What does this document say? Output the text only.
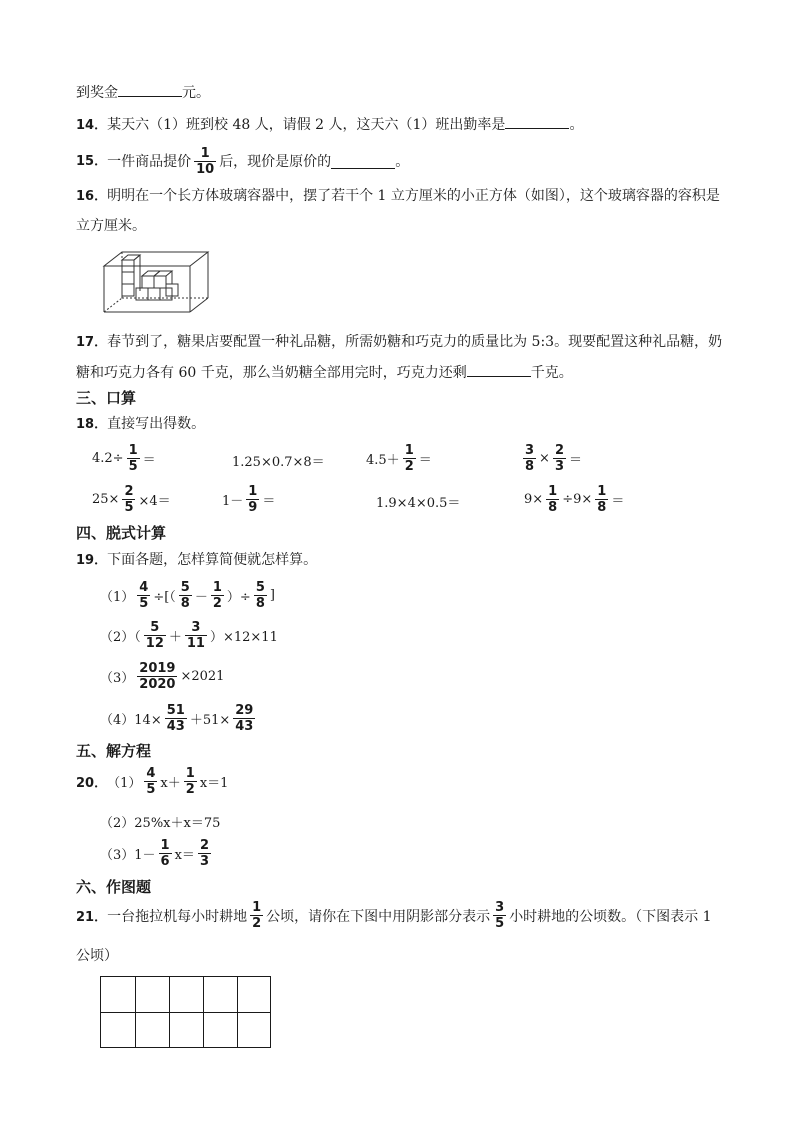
到奖金	元。
14．某天六（1）班到校 48 人，请假 2 人，这天六（1）班出勤率是	。
15． 一件商品提价 $\frac{1}{10}$ 后，现价是原价的	。
16．明明在一个长方体玻璃容器中，摆了若干个 1 立方厘米的小正方体（如图），这个玻璃容器的容积是
立方厘米。
17．春节到了，糖果店要配置一种礼品糖，所需奶糖和巧克力的质量比为 5:3。现要配置这种礼品糖，奶
糖和巧克力各有 60 千克，那么当奶糖全部用完时，巧克力还剩	千克。
三、口算
18．直接写出得数。
$4.2\div \frac{1}{5}$ ＝	1.25×0.7×8＝	$4.5+ \frac{1}{2}$ ＝	$\frac{3}{8} \times \frac{2}{3}$ ＝
$25\times \frac{2}{5} \times 4=$	$1- \frac{1}{9}$ ＝	1.9×4×0.5＝	$9\times \frac{1}{8} \div 9\times \frac{1}{8}$ ＝
四、脱式计算
19．下面各题，怎样算简便就怎样算。
$(1) \frac{4}{5}$ ÷[（ $\frac{5}{8} - \frac{1}{2}$ ）÷ $\frac{5}{8}$ ]
$(2)( \frac{5}{12} + \frac{3}{11} )\times 12\times 11$
$(3) \frac{2019}{2020} \times 2021$
$(4)14\times \frac{51}{43} +51\times \frac{29}{43}$
五、解方程
20． $(1) \frac{4}{5} x+ \frac{1}{2} x=1$
（2）25%x＋x＝75
$(3)1- \frac{1}{6} x= \frac{2}{3}$
六、作图题
21． 一台拖拉机每小时耕地 $\frac{1}{2}$ 公顷，请你在下图中用阴影部分表示 $\frac{3}{5}$ 小时耕地的公顷数。（下图表示 1
公顷）
